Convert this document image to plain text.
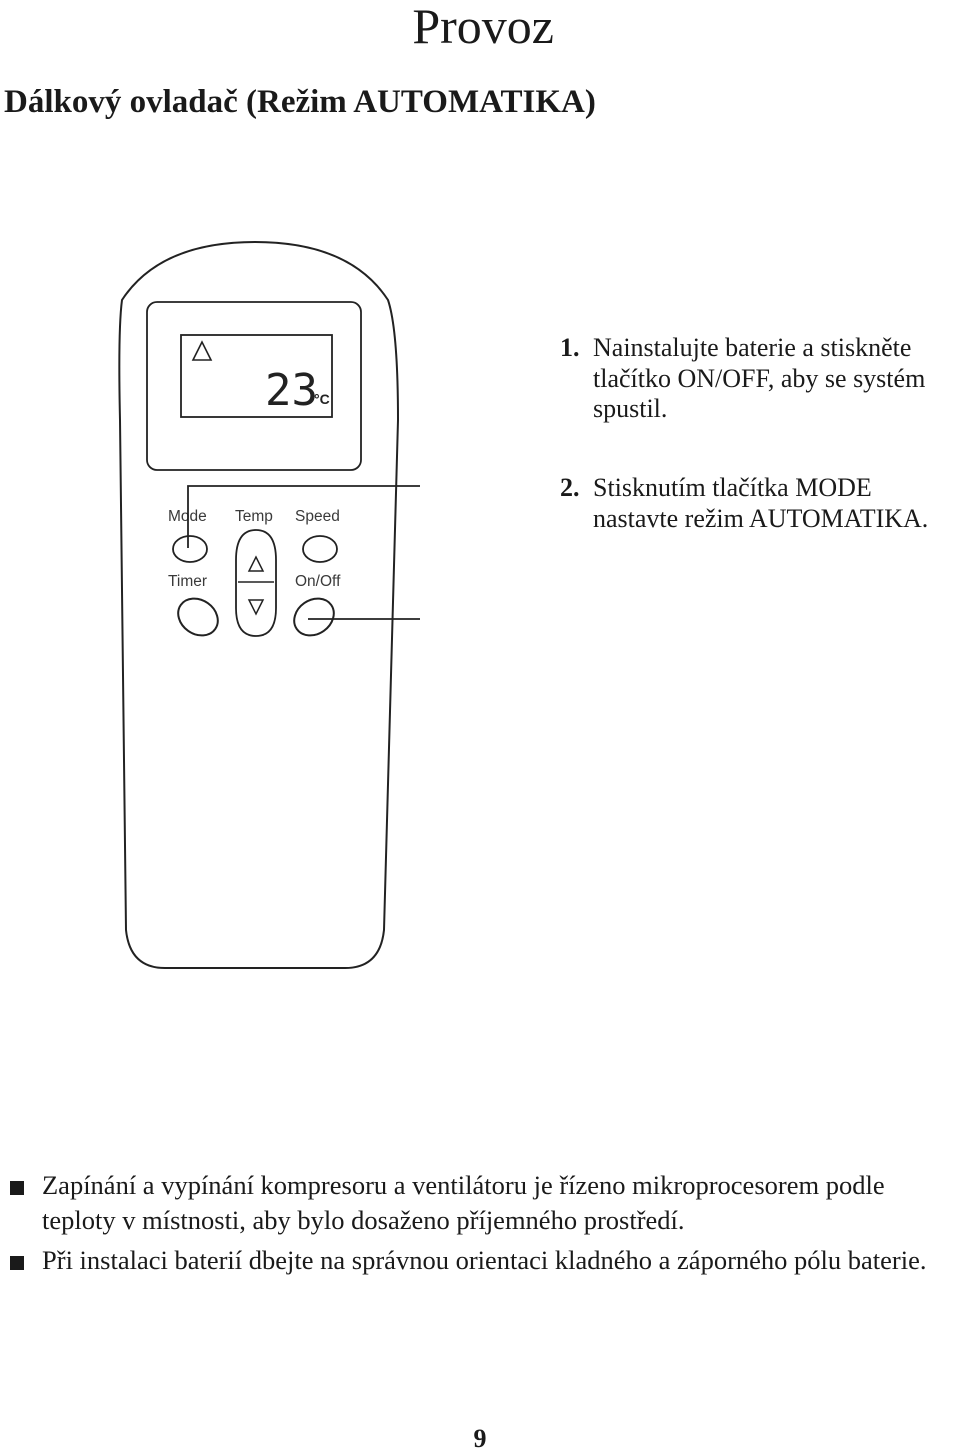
Provoz
Dálkový ovladač (Režim AUTOMATIKA)
23
°C
Mode Temp Speed
Timer	On/Off
1. Nainstalujte baterie a stiskněte tlačítko ON/OFF, aby se systém spustil.
2. Stisknutím tlačítka MODE nastavte režim AUTOMATIKA.
Zapínání a vypínání kompresoru a ventilátoru je řízeno mikroprocesorem podle teploty v místnosti, aby bylo dosaženo příjemného prostředí.
Při instalaci baterií dbejte na správnou orientaci kladného a záporného pólu baterie.
9
